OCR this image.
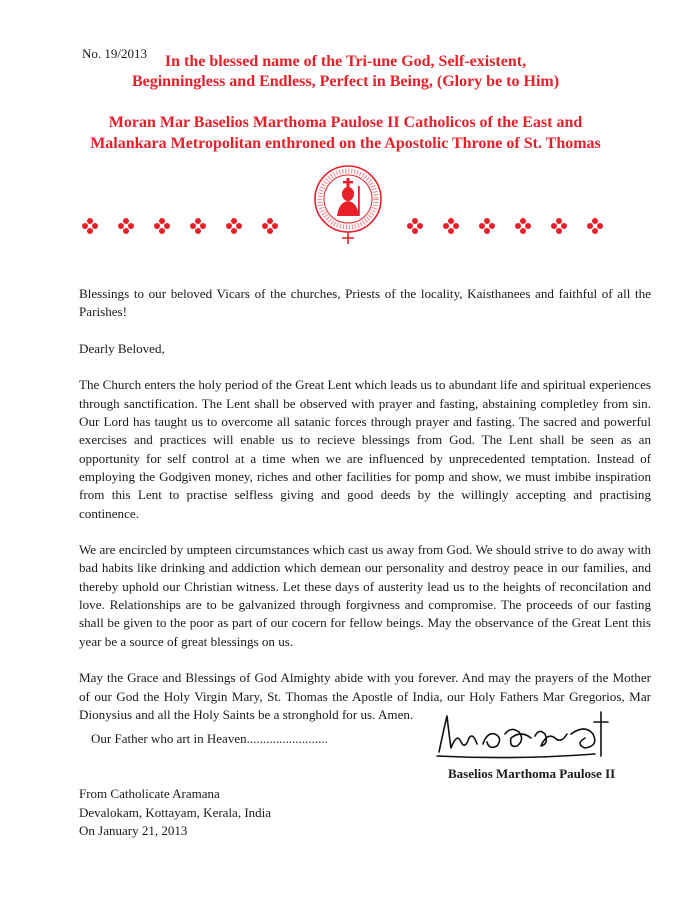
No. 19/2013	In the blessed name of the Tri-une God, Self-existent,
Beginningless and Endless, Perfect in Being, (Glory be to Him)
Moran Mar Baselios Marthoma Paulose II Catholicos of the East and
Malankara Metropolitan enthroned on the Apostolic Throne of St. Thomas

Blessings to our beloved Vicars of the churches, Priests of the locality, Kaisthanees and faithful of all the Parishes!

Dearly Beloved,

The Church enters the holy period of the Great Lent which leads us to abundant life and spiritual experiences through sanctification. The Lent shall be observed with prayer and fasting, abstaining completley from sin. Our Lord has taught us to overcome all satanic forces through prayer and fasting. The sacred and powerful exercises and practices will enable us to recieve blessings from God. The Lent shall be seen as an opportunity for self control at a time when we are influenced by unprecedented temptation. Instead of employing the Godgiven money, riches and other facilities for pomp and show, we must imbibe inspiration from this Lent to practise selfless giving and good deeds by the willingly accepting and practising continence.

We are encircled by umpteen circumstances which cast us away from God. We should strive to do away with bad habits like drinking and addiction which demean our personality and destroy peace in our families, and thereby uphold our Christian witness. Let these days of austerity lead us to the heights of reconcilation and love. Relationships are to be galvanized through forgivness and compromise. The proceeds of our fasting shall be given to the poor as part of our cocern for fellow beings. May the observance of the Great Lent this year be a source of great blessings on us.

May the Grace and Blessings of God Almighty abide with you forever. And may the prayers of the Mother of our God the Holy Virgin Mary, St. Thomas the Apostle of India, our Holy Fathers Mar Gregorios, Mar Dionysius and all the Holy Saints be a stronghold for us. Amen.

Our Father who art in Heaven.........................
Baselios Marthoma Paulose II
From Catholicate Aramana
Devalokam, Kottayam, Kerala, India
On January 21, 2013
